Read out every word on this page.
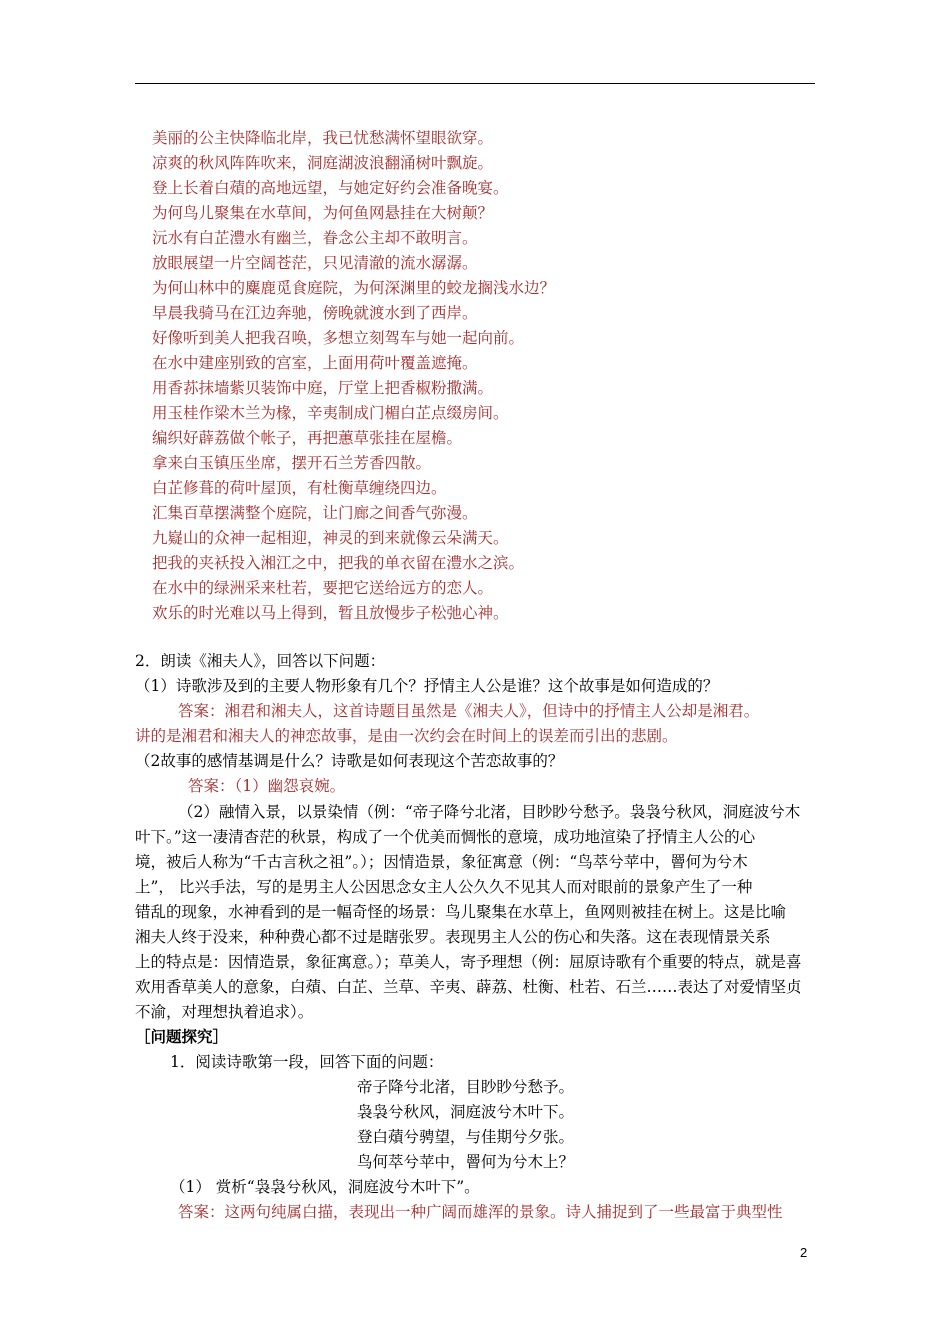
美丽的公主快降临北岸，我已忧愁满怀望眼欲穿。
凉爽的秋风阵阵吹来，洞庭湖波浪翻涌树叶飘旋。
登上长着白薠的高地远望，与她定好约会准备晚宴。
为何鸟儿聚集在水草间，为何鱼网悬挂在大树颠？
沅水有白芷澧水有幽兰，眷念公主却不敢明言。
放眼展望一片空阔苍茫，只见清澈的流水潺潺。
为何山林中的麋鹿觅食庭院，为何深渊里的蛟龙搁浅水边？
早晨我骑马在江边奔驰，傍晚就渡水到了西岸。
好像听到美人把我召唤，多想立刻驾车与她一起向前。
在水中建座别致的宫室，上面用荷叶覆盖遮掩。
用香荪抹墙紫贝装饰中庭，厅堂上把香椒粉撒满。
用玉桂作梁木兰为椽，辛夷制成门楣白芷点缀房间。
编织好薜荔做个帐子，再把蕙草张挂在屋檐。
拿来白玉镇压坐席，摆开石兰芳香四散。
白芷修葺的荷叶屋顶，有杜衡草缠绕四边。
汇集百草摆满整个庭院，让门廊之间香气弥漫。
九嶷山的众神一起相迎，神灵的到来就像云朵满天。
把我的夹袄投入湘江之中，把我的单衣留在澧水之滨。
在水中的绿洲采来杜若，要把它送给远方的恋人。
欢乐的时光难以马上得到，暂且放慢步子松弛心神。
2．朗读《湘夫人》，回答以下问题：
（1）诗歌涉及到的主要人物形象有几个？抒情主人公是谁？这个故事是如何造成的？
答案：湘君和湘夫人，这首诗题目虽然是《湘夫人》，但诗中的抒情主人公却是湘君。
讲的是湘君和湘夫人的神恋故事，是由一次约会在时间上的误差而引出的悲剧。
（2故事的感情基调是什么？诗歌是如何表现这个苦恋故事的？
答案：（1）幽怨哀婉。
（2）融情入景，以景染情（例：“帝子降兮北渚，目眇眇兮愁予。袅袅兮秋风，洞庭波兮木
叶下。”这一凄清杳茫的秋景，构成了一个优美而惆怅的意境，成功地渲染了抒情主人公的心
境，被后人称为“千古言秋之祖”。）；因情造景，象征寓意（例：“鸟萃兮苹中，罾何为兮木
上”， 比兴手法，写的是男主人公因思念女主人公久久不见其人而对眼前的景象产生了一种
错乱的现象，水神看到的是一幅奇怪的场景：鸟儿聚集在水草上，鱼网则被挂在树上。这是比喻
湘夫人终于没来，种种费心都不过是瞎张罗。表现男主人公的伤心和失落。这在表现情景关系
上的特点是：因情造景，象征寓意。）；草美人，寄予理想（例：屈原诗歌有个重要的特点，就是喜
欢用香草美人的意象，白薠、白芷、兰草、辛夷、薜荔、杜衡、杜若、石兰……表达了对爱情坚贞
不渝，对理想执着追求）。
［问题探究］
1．阅读诗歌第一段，回答下面的问题：
帝子降兮北渚，目眇眇兮愁予。
袅袅兮秋风，洞庭波兮木叶下。
登白薠兮骋望，与佳期兮夕张。
鸟何萃兮苹中，罾何为兮木上？
（1） 赏析“袅袅兮秋风，洞庭波兮木叶下”。
答案：这两句纯属白描，表现出一种广阔而雄浑的景象。诗人捕捉到了一些最富于典型性
2
